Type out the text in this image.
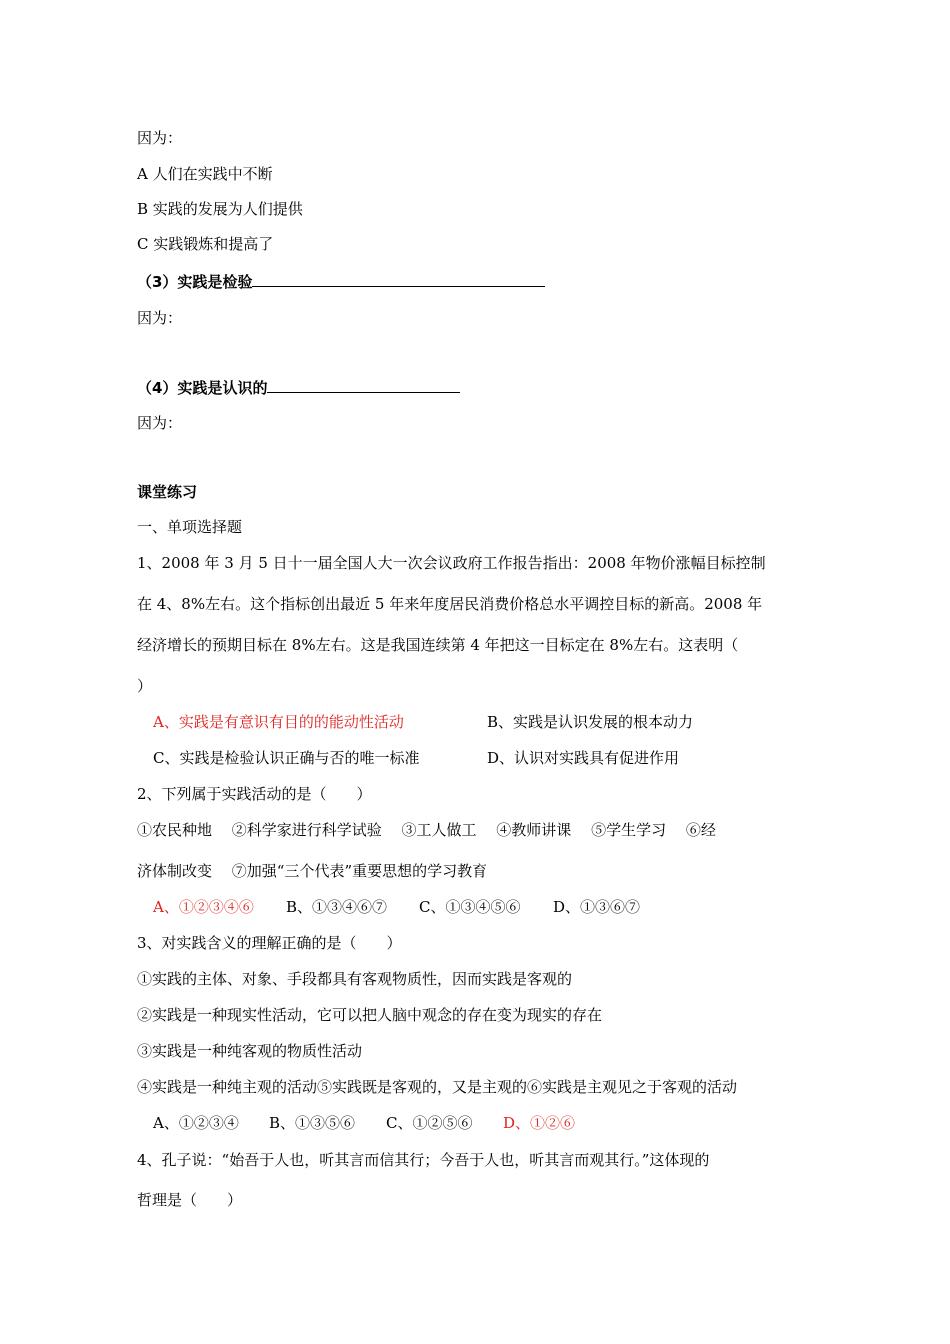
因为：
A 人们在实践中不断
B 实践的发展为人们提供
C 实践锻炼和提高了
（3）实践是检验
因为：
（4）实践是认识的
因为：
课堂练习
一、单项选择题
1、2008 年 3 月 5 日十一届全国人大一次会议政府工作报告指出：2008 年物价涨幅目标控制
在 4、8%左右。这个指标创出最近 5 年来年度居民消费价格总水平调控目标的新高。2008 年
经济增长的预期目标在 8%左右。这是我国连续第 4 年把这一目标定在 8%左右。这表明（
）
A、实践是有意识有目的的能动性活动	B、实践是认识发展的根本动力
C、实践是检验认识正确与否的唯一标准	D、认识对实践具有促进作用
2、下列属于实践活动的是（　　）
①农民种地　 ②科学家进行科学试验　 ③工人做工　 ④教师讲课　 ⑤学生学习　 ⑥经
济体制改变　 ⑦加强“三个代表”重要思想的学习教育
A、①②③④⑥ B、①③④⑥⑦ C、①③④⑤⑥ D、①③⑥⑦
3、对实践含义的理解正确的是（　　）
①实践的主体、对象、手段都具有客观物质性，因而实践是客观的
②实践是一种现实性活动，它可以把人脑中观念的存在变为现实的存在
③实践是一种纯客观的物质性活动
④实践是一种纯主观的活动⑤实践既是客观的，又是主观的⑥实践是主观见之于客观的活动
A、①②③④ B、①③⑤⑥ C、①②⑤⑥ D、①②⑥
4、孔子说：“始吾于人也，听其言而信其行；今吾于人也，听其言而观其行。”这体现的
哲理是（　　）
